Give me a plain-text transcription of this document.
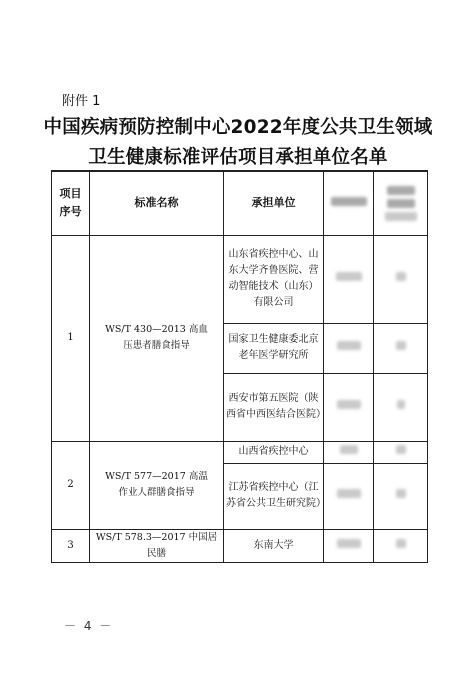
附件 1
中国疾病预防控制中心2022年度公共卫生领域
卫生健康标准评估项目承担单位名单
项目序号	标准名称	承担单位		

1	WS/T 430—2013 高血压患者膳食指导	山东省疾控中心、山东大学齐鲁医院、营动智能技术（山东）有限公司		
		国家卫生健康委北京老年医学研究所		
		西安市第五医院（陕西省中西医结合医院）		
2	WS/T 577—2017 高温作业人群膳食指导	山西省疾控中心		
		江苏省疾控中心（江苏省公共卫生研究院）		
3	WS/T 578.3—2017 中国居民膳	东南大学		
－ 4 －
